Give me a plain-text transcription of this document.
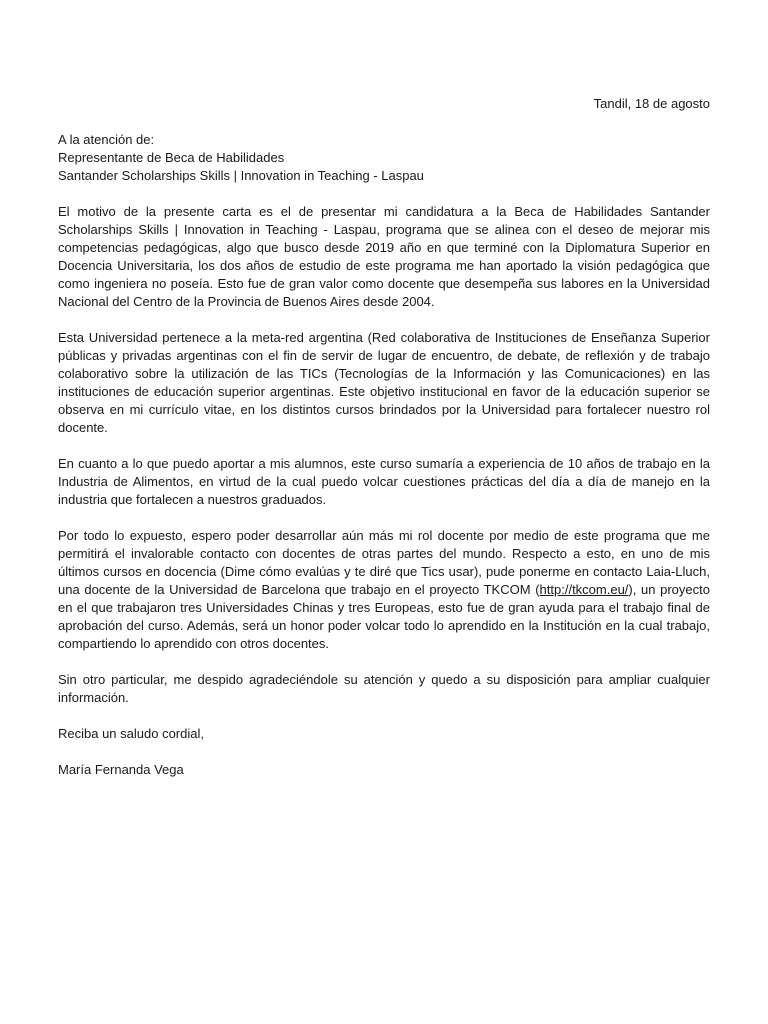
Tandil, 18 de agosto

A la atención de:

Representante de Beca de Habilidades

Santander Scholarships Skills | Innovation in Teaching - Laspau

El motivo de la presente carta es el de presentar mi candidatura a la Beca de Habilidades Santander Scholarships Skills | Innovation in Teaching - Laspau, programa que se alinea con el deseo de mejorar mis competencias pedagógicas, algo que busco desde 2019 año en que terminé con la Diplomatura Superior en Docencia Universitaria, los dos años de estudio de este programa me han aportado la visión pedagógica que como ingeniera no poseía. Esto fue de gran valor como docente que desempeña sus labores en la Universidad Nacional del Centro de la Provincia de Buenos Aires desde 2004.

Esta Universidad pertenece a la meta-red argentina (Red colaborativa de Instituciones de Enseñanza Superior públicas y privadas argentinas con el fin de servir de lugar de encuentro, de debate, de reflexión y de trabajo colaborativo sobre la utilización de las TICs (Tecnologías de la Información y las Comunicaciones) en las instituciones de educación superior argentinas. Este objetivo institucional en favor de la educación superior se observa en mi currículo vitae, en los distintos cursos brindados por la Universidad para fortalecer nuestro rol docente.

En cuanto a lo que puedo aportar a mis alumnos, este curso sumaría a experiencia de 10 años de trabajo en la Industria de Alimentos, en virtud de la cual puedo volcar cuestiones prácticas del día a día de manejo en la industria que fortalecen a nuestros graduados.

Por todo lo expuesto, espero poder desarrollar aún más mi rol docente por medio de este programa que me permitirá el invalorable contacto con docentes de otras partes del mundo. Respecto a esto, en uno de mis últimos cursos en docencia (Dime cómo evalúas y te diré que Tics usar), pude ponerme en contacto Laia-Lluch, una docente de la Universidad de Barcelona que trabajo en el proyecto TKCOM (http://tkcom.eu/), un proyecto en el que trabajaron tres Universidades Chinas y tres Europeas, esto fue de gran ayuda para el trabajo final de aprobación del curso. Además, será un honor poder volcar todo lo aprendido en la Institución en la cual trabajo, compartiendo lo aprendido con otros docentes.

Sin otro particular, me despido agradeciéndole su atención y quedo a su disposición para ampliar cualquier información.

Reciba un saludo cordial,

María Fernanda Vega
